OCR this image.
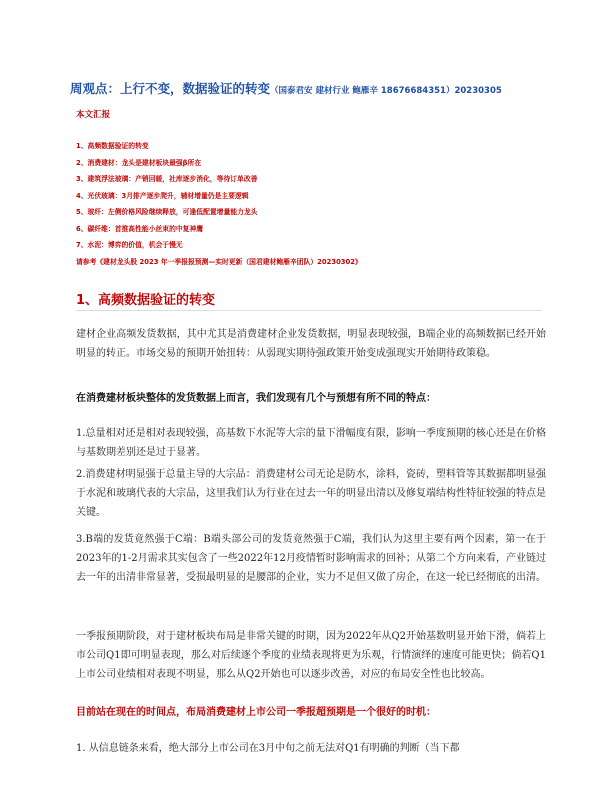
周观点：上行不变，数据验证的转变（国泰君安 建材行业 鲍雁辛 18676684351）20230305
本文汇报
1、高频数据验证的转变
2、消费建材：龙头是建材板块最强β所在
3、建筑浮法玻璃：产销回暖，社库逐步消化，等待订单改善
4、光伏玻璃：3月排产逐步爬升，辅材增量仍是主要逻辑
5、玻纤：左侧价格风险继续释放，可逢低配置增量能力龙头
6、碳纤维：首推高性能小丝束的中复神鹰
7、水泥：博弈的价值，机会于慢无
请参考《建材龙头股 2023 年一季报报预测—实时更新（国君建材鲍雁辛团队）20230302》
1、高频数据验证的转变

建材企业高频发货数据，其中尤其是消费建材企业发货数据，明显表现较强，B端企业的高频数据已经开始明显的转正。市场交易的预期开始扭转：从弱现实期待强政策开始变成强现实开始期待政策稳。

在消费建材板块整体的发货数据上而言，我们发现有几个与预想有所不同的特点：

1.总量相对还是相对表现较强，高基数下水泥等大宗的量下滑幅度有限，影响一季度预期的核心还是在价格与基数期差别还是过于显著。

2.消费建材明显强于总量主导的大宗品：消费建材公司无论是防水，涂料，瓷砖，塑料管等其数据都明显强于水泥和玻璃代表的大宗品，这里我们认为行业在过去一年的明显出清以及修复端结构性特征较强的特点是关键。

3.B端的发货竟然强于C端：B端头部公司的发货竟然强于C端，我们认为这里主要有两个因素，第一在于2023年的1-2月需求其实包含了一些2022年12月疫情暂时影响需求的回补；从第二个方向来看，产业链过去一年的出清非常显著，受损最明显的是腰部的企业，实力不足但又做了房企，在这一轮已经彻底的出清。

一季报预期阶段，对于建材板块布局是非常关键的时期，因为2022年从Q2开始基数明显开始下滑，倘若上市公司Q1即可明显表现，那么对后续逐个季度的业绩表现将更为乐观，行情演绎的速度可能更快；倘若Q1上市公司业绩相对表现不明显，那么从Q2开始也可以逐步改善，对应的布局安全性也比较高。

目前站在现在的时间点，布局消费建材上市公司一季报超预期是一个很好的时机：

1. 从信息链条来看，绝大部分上市公司在3月中旬之前无法对Q1有明确的判断（当下都
